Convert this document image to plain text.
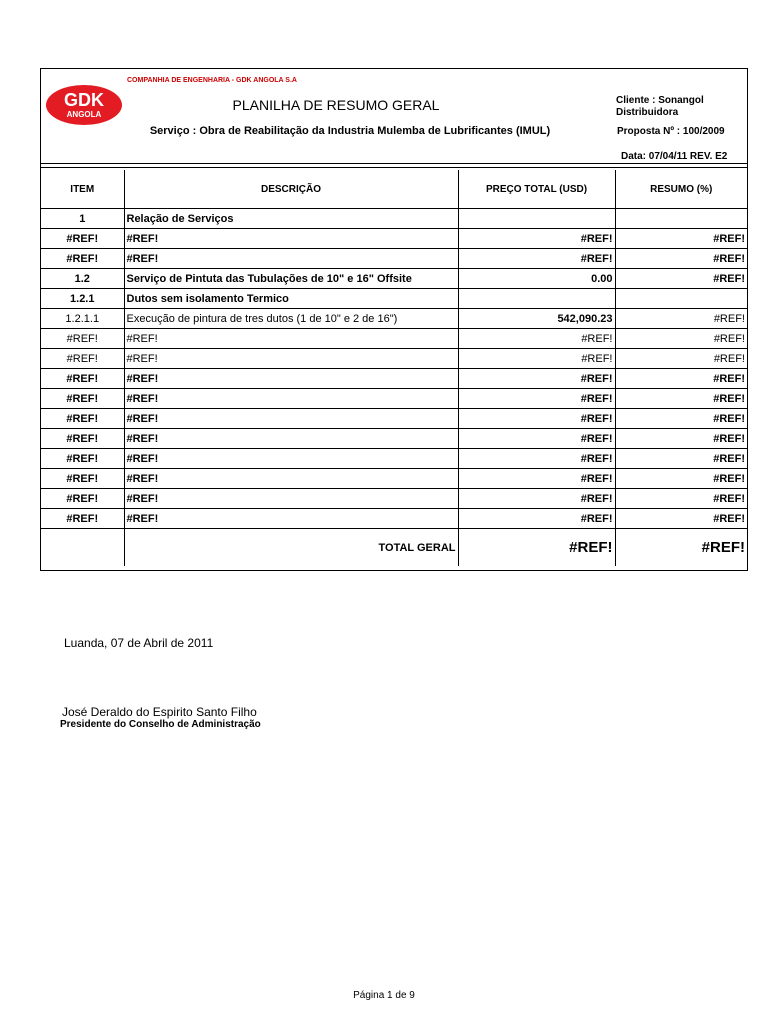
COMPANHIA DE ENGENHARIA - GDK ANGOLA S.A
GDK
ANGOLA
PLANILHA DE RESUMO GERAL	Cliente : Sonangol
Distribuidora
Serviço : Obra de Reabilitação da Industria Mulemba de Lubrificantes (IMUL)	Proposta Nº : 100/2009
Data: 07/04/11 REV. E2
ITEM	DESCRIÇÃO	PREÇO TOTAL (USD)	RESUMO (%)
1	Relação de Serviços		
#REF!	#REF!	#REF!	#REF!
#REF!	#REF!	#REF!	#REF!
1.2	Serviço de Pintuta das Tubulações de 10" e 16" Offsite	0.00	#REF!
1.2.1	Dutos sem isolamento Termico		
1.2.1.1	Execução de pintura de tres dutos (1 de 10" e 2 de 16")	542,090.23	#REF!
#REF!	#REF!	#REF!	#REF!
#REF!	#REF!	#REF!	#REF!
#REF!	#REF!	#REF!	#REF!
#REF!	#REF!	#REF!	#REF!
#REF!	#REF!	#REF!	#REF!
#REF!	#REF!	#REF!	#REF!
#REF!	#REF!	#REF!	#REF!
#REF!	#REF!	#REF!	#REF!
#REF!	#REF!	#REF!	#REF!
#REF!	#REF!	#REF!	#REF!
	TOTAL GERAL	#REF!	#REF!
Luanda, 07 de Abril de 2011
José Deraldo do Espirito Santo Filho
Presidente do Conselho de Administração
Página 1 de 9
